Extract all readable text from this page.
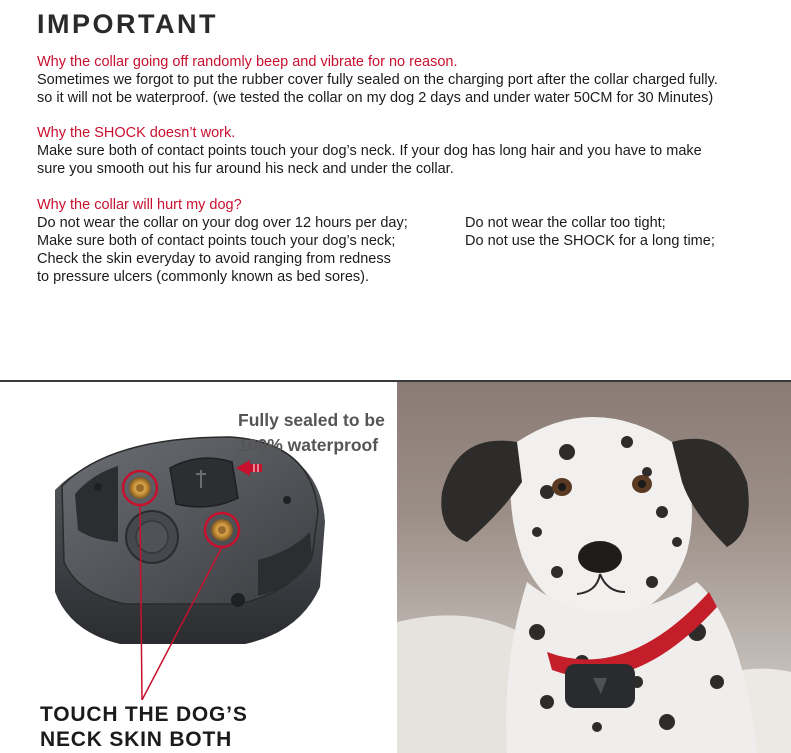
IMPORTANT
Why the collar going off randomly beep and vibrate for no reason.
Sometimes we forgot to put the rubber cover fully sealed on the charging port after the collar charged fully.
so it will not be waterproof. (we tested the collar on my dog 2 days and under water 50CM for 30 Minutes)
Why the SHOCK doesn’t work.
Make sure both of contact points touch your dog’s neck. If your dog has long hair and you have to make
sure you smooth out his fur around his neck and under the collar.
Why the collar will hurt my dog?
Do not wear the collar on your dog over 12 hours per day;
Make sure both of contact points touch your dog’s neck;
Check the skin everyday to avoid ranging from redness
to pressure ulcers (commonly known as bed sores).
Do not wear the collar too tight;
Do not use the SHOCK for a long time;
Fully sealed to be
100% waterproof
TOUCH THE DOG’S
NECK SKIN BOTH
